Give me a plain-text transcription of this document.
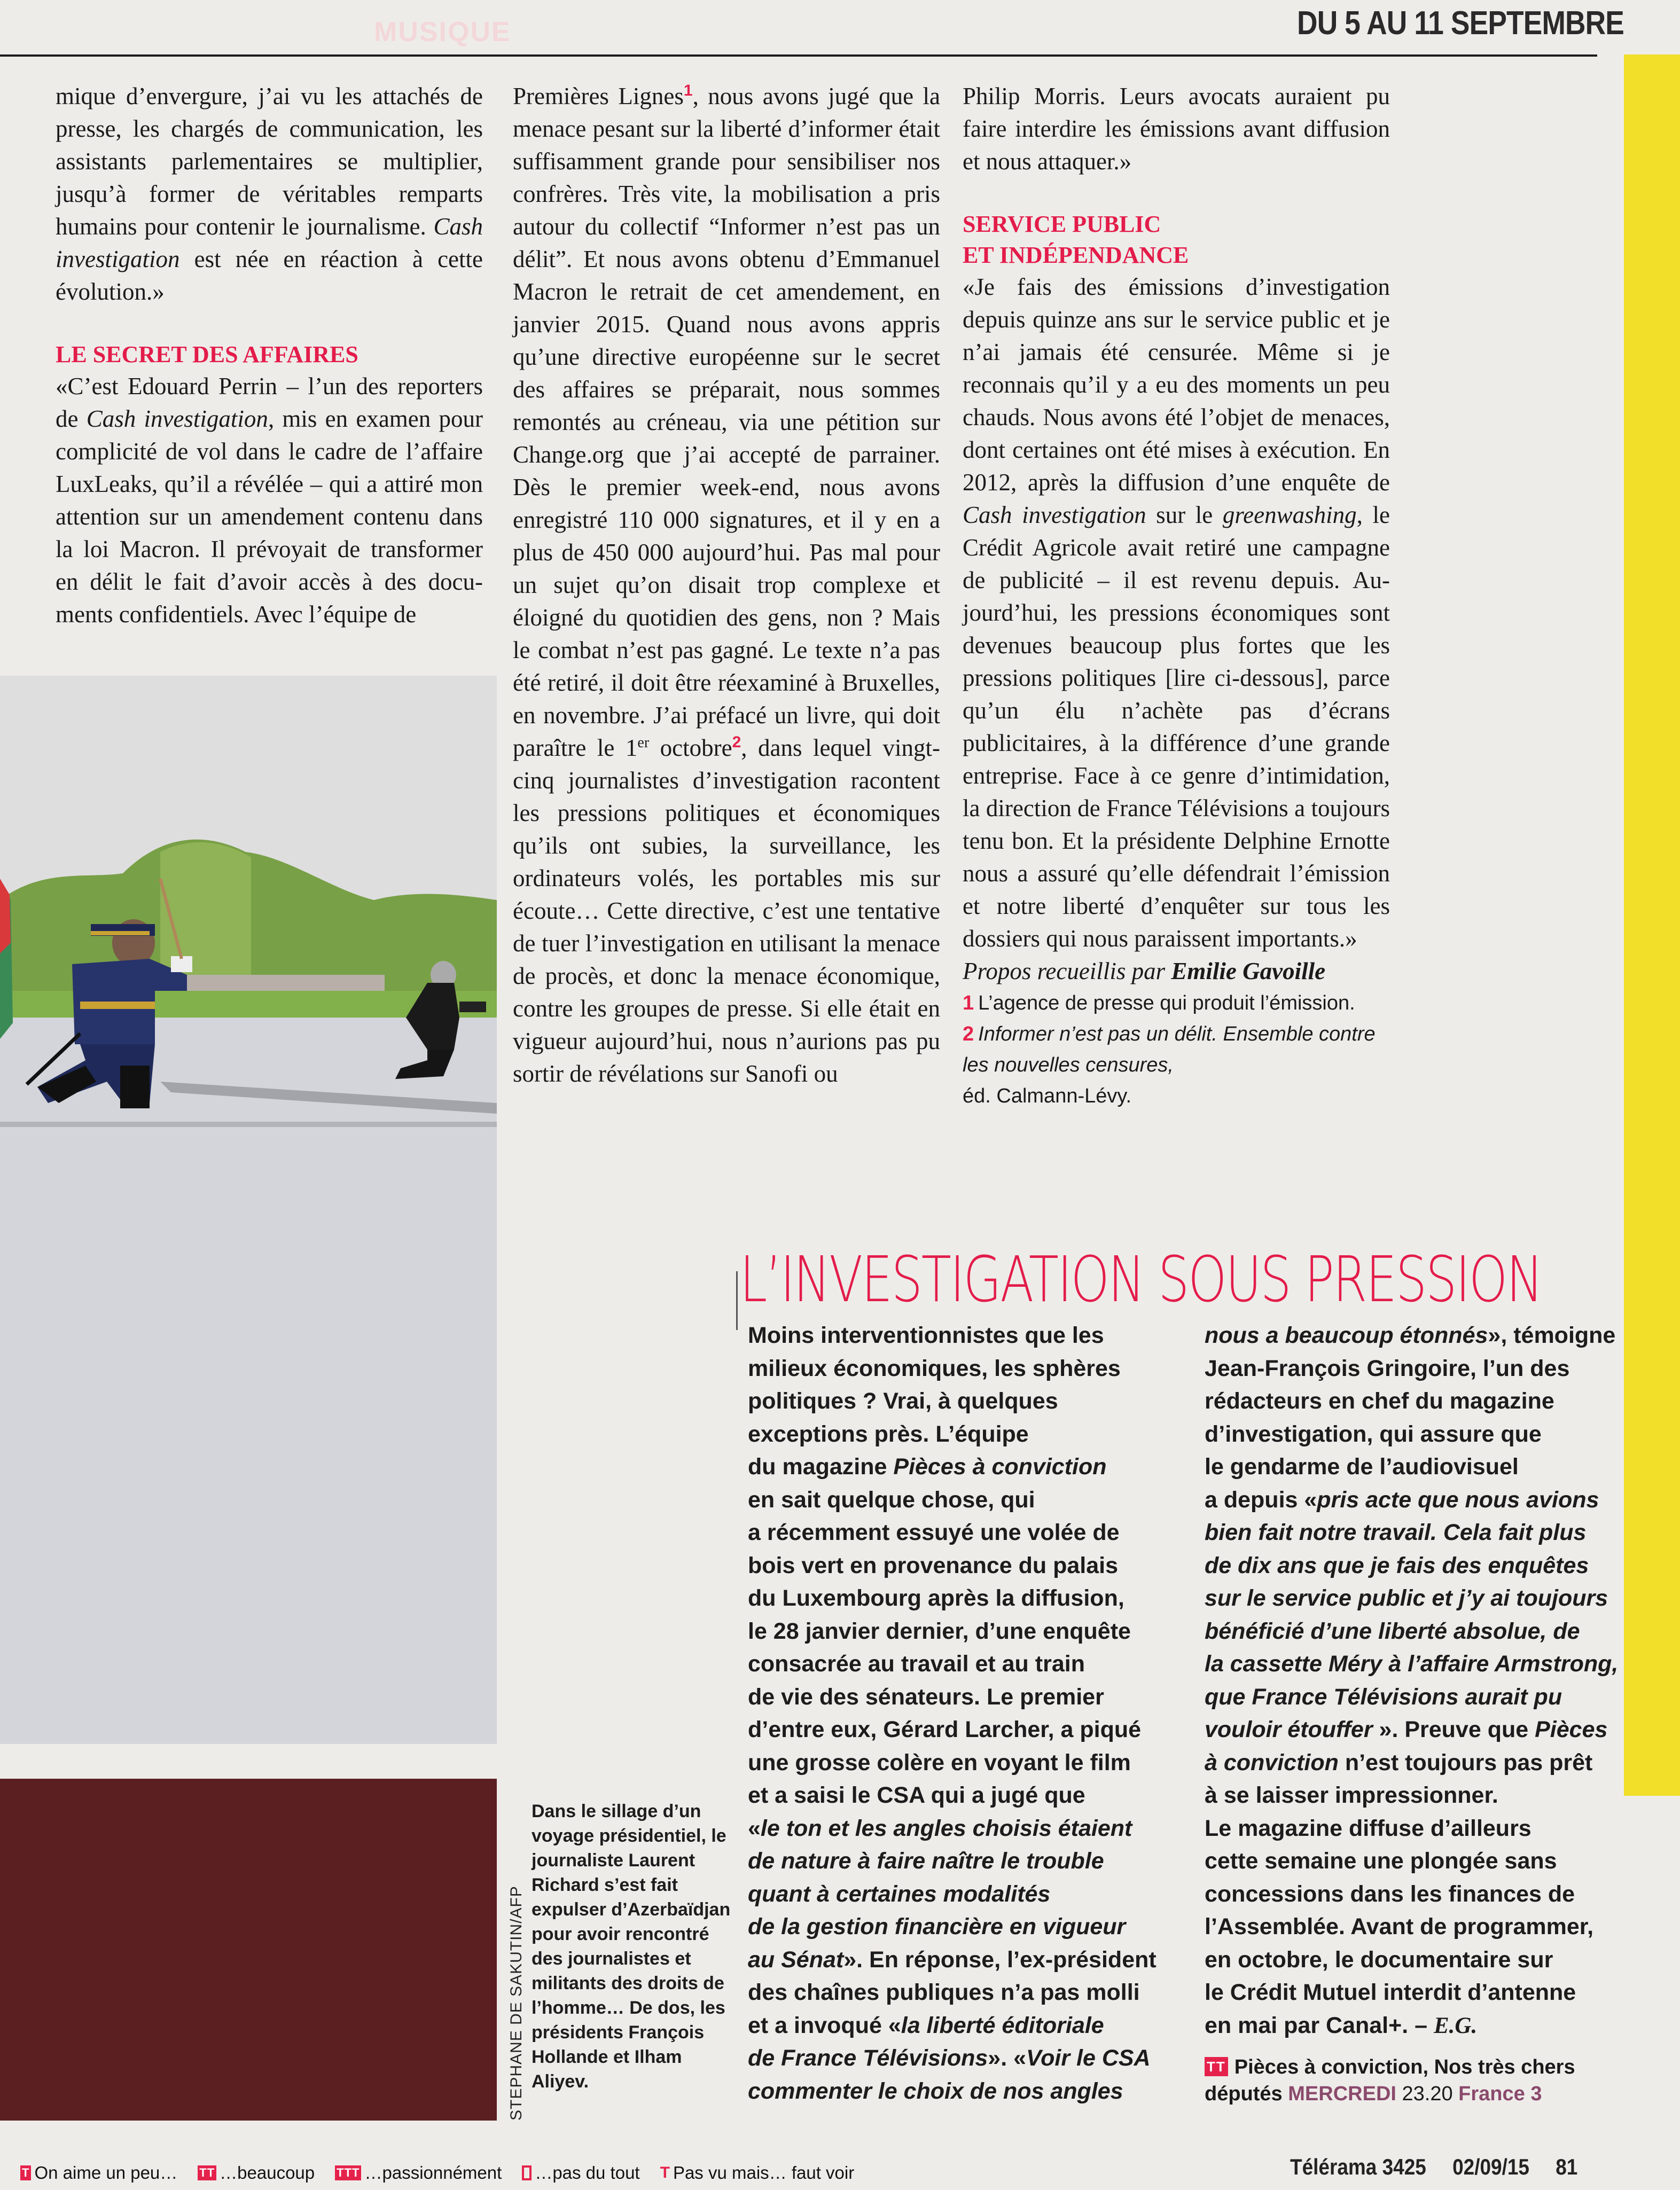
MUSIQUE	DU 5 AU 11 SEPTEMBRE

mique d’envergure, j’ai vu les attachés de presse, les chargés de communication, les assistants parlementaires se multiplier, jusqu’à former de véritables remparts humains pour contenir le journalisme. Cash investigation est née en réaction à cette évolution.»

LE SECRET DES AFFAIRES

«C’est Edouard Perrin – l’un des reporters de Cash investigation, mis en examen pour complicité de vol dans le cadre de l’affaire LuxLeaks, qu’il a révélée – qui a attiré mon attention sur un amendement contenu dans la loi Macron. Il prévoyait de transformer en délit le fait d’avoir accès à des documents confidentiels. Avec l’équipe de

STEPHANE DE SAKUTIN/AFP
Dans le sillage d’un voyage présidentiel, le journaliste Laurent Richard s’est fait expulser d’Azerbaïdjan pour avoir rencontré des journalistes et militants des droits de l’homme… De dos, les présidents François Hollande et Ilham Aliyev.

Premières Lignes$^1$, nous avons jugé que la menace pesant sur la liberté d’informer était suffisamment grande pour sensibiliser nos confrères. Très vite, la mobilisation a pris autour du collectif “Informer n’est pas un délit”. Et nous avons obtenu d’Emmanuel Macron le retrait de cet amendement, en janvier 2015. Quand nous avons appris qu’une directive européenne sur le secret des affaires se préparait, nous sommes remontés au créneau, via une pétition sur Change.org que j’ai accepté de parrainer. Dès le premier week-end, nous avons enregistré 110 000 signatures, et il y en a plus de 450 000 aujourd’hui. Pas mal pour un sujet qu’on disait trop complexe et éloigné du quotidien des gens, non ? Mais le combat n’est pas gagné. Le texte n’a pas été retiré, il doit être réexaminé à Bruxelles, en novembre. J’ai préfacé un livre, qui doit paraître le 1er octobre$^2$, dans lequel vingt-cinq journalistes d’investigation racontent les pressions politiques et économiques qu’ils ont subies, la surveillance, les ordinateurs volés, les portables mis sur écoute… Cette directive, c’est une tentative de tuer l’investigation en utilisant la menace de procès, et donc la menace économique, contre les groupes de presse. Si elle était en vigueur aujourd’hui, nous n’aurions pas pu sortir de révélations sur Sanofi ou

Philip Morris. Leurs avocats auraient pu faire interdire les émissions avant diffusion et nous attaquer.»

SERVICE PUBLIC
ET INDÉPENDANCE

«Je fais des émissions d’investigation depuis quinze ans sur le service public et je n’ai jamais été censurée. Même si je reconnais qu’il y a eu des moments un peu chauds. Nous avons été l’objet de menaces, dont certaines ont été mises à exécution. En 2012, après la diffusion d’une enquête de Cash investigation sur le greenwashing, le Crédit Agricole avait retiré une campagne de publicité – il est revenu depuis. Aujourd’hui, les pressions économiques sont devenues beaucoup plus fortes que les pressions politiques [lire ci-dessous], parce qu’un élu n’achète pas d’écrans publicitaires, à la différence d’une grande entreprise. Face à ce genre d’intimidation, la direction de France Télévisions a toujours tenu bon. Et la présidente Delphine Ernotte nous a assuré qu’elle défendrait l’émission et notre liberté d’enquêter sur tous les dossiers qui nous paraissent importants.»

Propos recueillis par Emilie Gavoille
1 L’agence de presse qui produit l’émission.
2 Informer n’est pas un délit. Ensemble contre les nouvelles censures,
éd. Calmann-Lévy.
L’INVESTIGATION SOUS PRESSION
Moins interventionnistes que les
milieux économiques, les sphères
politiques ? Vrai, à quelques
exceptions près. L’équipe
du magazine Pièces à conviction
en sait quelque chose, qui
a récemment essuyé une volée de
bois vert en provenance du palais
du Luxembourg après la diffusion,
le 28 janvier dernier, d’une enquête
consacrée au travail et au train
de vie des sénateurs. Le premier
d’entre eux, Gérard Larcher, a piqué
une grosse colère en voyant le film
et a saisi le CSA qui a jugé que
«le ton et les angles choisis étaient
de nature à faire naître le trouble
quant à certaines modalités
de la gestion financière en vigueur
au Sénat». En réponse, l’ex-président
des chaînes publiques n’a pas molli
et a invoqué «la liberté éditoriale
de France Télévisions». «Voir le CSA
commenter le choix de nos angles
nous a beaucoup étonnés», témoigne
Jean-François Gringoire, l’un des
rédacteurs en chef du magazine
d’investigation, qui assure que
le gendarme de l’audiovisuel
a depuis «pris acte que nous avions
bien fait notre travail. Cela fait plus
de dix ans que je fais des enquêtes
sur le service public et j’y ai toujours
bénéficié d’une liberté absolue, de
la cassette Méry à l’affaire Armstrong,
que France Télévisions aurait pu
vouloir étouffer ». Preuve que Pièces
à conviction n’est toujours pas prêt
à se laisser impressionner.
Le magazine diffuse d’ailleurs
cette semaine une plongée sans
concessions dans les finances de
l’Assemblée. Avant de programmer,
en octobre, le documentaire sur
le Crédit Mutuel interdit d’antenne
en mai par Canal+. – E.G.
TT Pièces à conviction, Nos très chers députés MERCREDI 23.20 France 3
T On aime un peu… TT …beaucoup TTT …passionnément …pas du tout T Pas vu mais… faut voir	Télérama 3425 02/09/15 81
